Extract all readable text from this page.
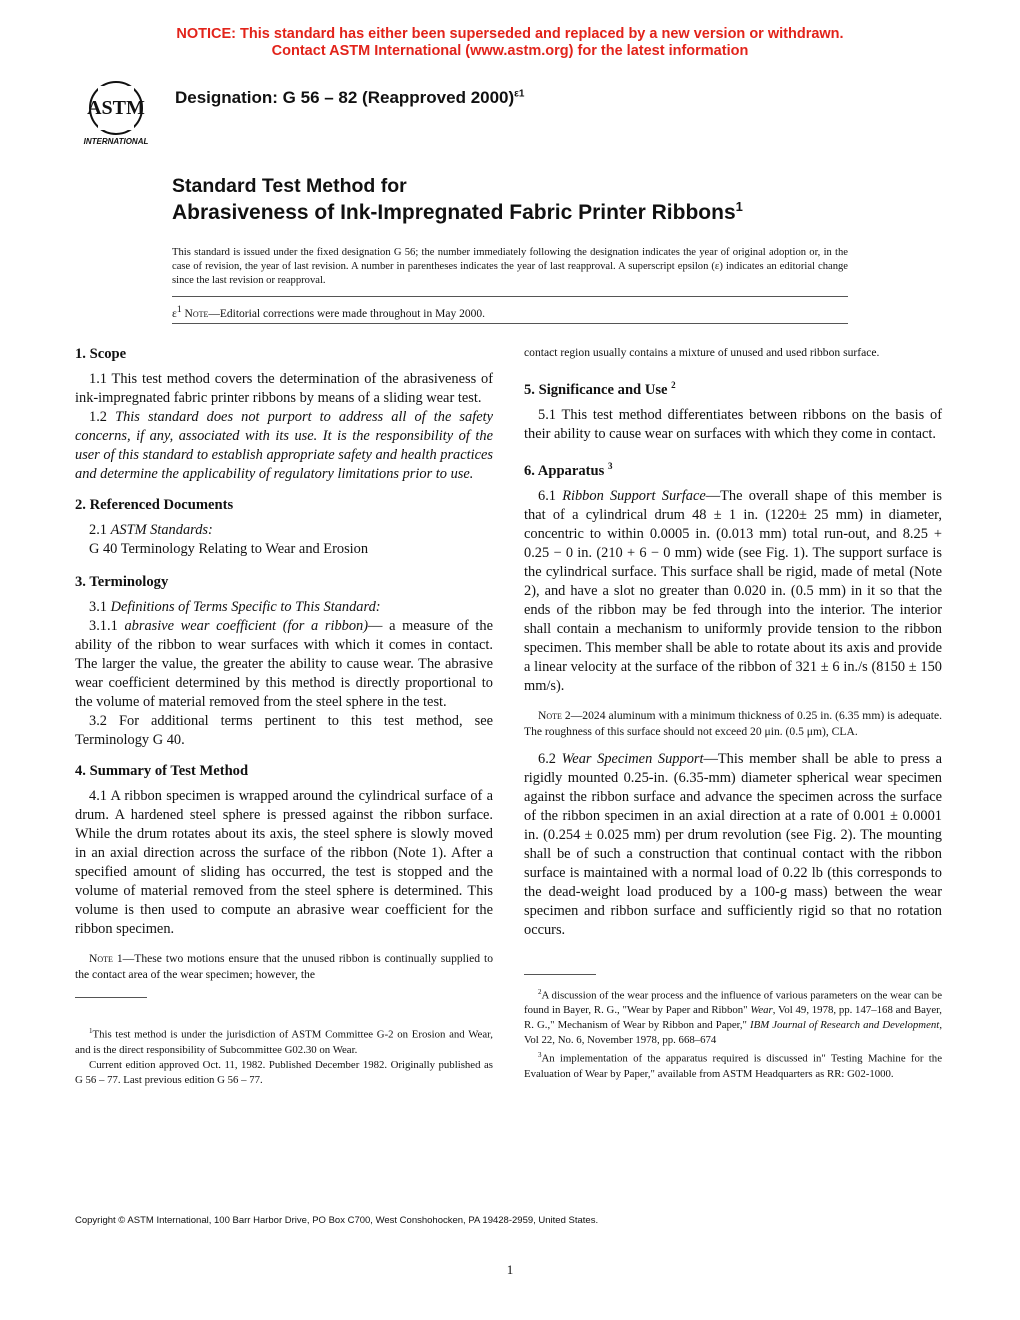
NOTICE: This standard has either been superseded and replaced by a new version or withdrawn.
Contact ASTM International (www.astm.org) for the latest information
ASTM
INTERNATIONAL
Designation: G 56 – 82 (Reapproved 2000)$^{\varepsilon 1}$
Standard Test Method for
Abrasiveness of Ink-Impregnated Fabric Printer Ribbons$^1$
This standard is issued under the fixed designation G 56; the number immediately following the designation indicates the year of original adoption or, in the case of revision, the year of last revision. A number in parentheses indicates the year of last reapproval. A superscript epsilon (ε) indicates an editorial change since the last revision or reapproval.
$\varepsilon^1$ Note—Editorial corrections were made throughout in May 2000.
1. Scope

1.1 This test method covers the determination of the abrasiveness of ink-impregnated fabric printer ribbons by means of a sliding wear test.

1.2 This standard does not purport to address all of the safety concerns, if any, associated with its use. It is the responsibility of the user of this standard to establish appropriate safety and health practices and determine the applicability of regulatory limitations prior to use.

2. Referenced Documents

2.1 ASTM Standards:

G 40 Terminology Relating to Wear and Erosion

3. Terminology

3.1 Definitions of Terms Specific to This Standard:

3.1.1 abrasive wear coefficient (for a ribbon)— a measure of the ability of the ribbon to wear surfaces with which it comes in contact. The larger the value, the greater the ability to cause wear. The abrasive wear coefficient determined by this method is directly proportional to the volume of material removed from the steel sphere in the test.

3.2 For additional terms pertinent to this test method, see Terminology G 40.

4. Summary of Test Method

4.1 A ribbon specimen is wrapped around the cylindrical surface of a drum. A hardened steel sphere is pressed against the ribbon surface. While the drum rotates about its axis, the steel sphere is slowly moved in an axial direction across the surface of the ribbon (Note 1). After a specified amount of sliding has occurred, the test is stopped and the volume of material removed from the steel sphere is determined. This volume is then used to compute an abrasive wear coefficient for the ribbon specimen.

Note 1—These two motions ensure that the unused ribbon is continually supplied to the contact area of the wear specimen; however, the

$^1$This test method is under the jurisdiction of ASTM Committee G-2 on Erosion and Wear, and is the direct responsibility of Subcommittee G02.30 on Wear.

Current edition approved Oct. 11, 1982. Published December 1982. Originally published as G 56 – 77. Last previous edition G 56 – 77.

contact region usually contains a mixture of unused and used ribbon surface.

5. Significance and Use $^2$

5.1 This test method differentiates between ribbons on the basis of their ability to cause wear on surfaces with which they come in contact.

6. Apparatus $^3$

6.1 Ribbon Support Surface—The overall shape of this member is that of a cylindrical drum 48 ± 1 in. (1220± 25 mm) in diameter, concentric to within 0.0005 in. (0.013 mm) total run-out, and 8.25 + 0.25 − 0 in. (210 + 6 − 0 mm) wide (see Fig. 1). The support surface is the cylindrical surface. This surface shall be rigid, made of metal (Note 2), and have a slot no greater than 0.020 in. (0.5 mm) in it so that the ends of the ribbon may be fed through into the interior. The interior shall contain a mechanism to uniformly provide tension to the ribbon specimen. This member shall be able to rotate about its axis and provide a linear velocity at the surface of the ribbon of 321 ± 6 in./s (8150 ± 150 mm/s).

Note 2—2024 aluminum with a minimum thickness of 0.25 in. (6.35 mm) is adequate. The roughness of this surface should not exceed 20 μin. (0.5 μm), CLA.

6.2 Wear Specimen Support—This member shall be able to press a rigidly mounted 0.25-in. (6.35-mm) diameter spherical wear specimen against the ribbon surface and advance the specimen across the surface of the ribbon specimen in an axial direction at a rate of 0.001 ± 0.0001 in. (0.254 ± 0.025 mm) per drum revolution (see Fig. 2). The mounting shall be of such a construction that continual contact with the ribbon surface is maintained with a normal load of 0.22 lb (this corresponds to the dead-weight load produced by a 100-g mass) between the wear specimen and ribbon surface and sufficiently rigid so that no rotation occurs.

$^2$A discussion of the wear process and the influence of various parameters on the wear can be found in Bayer, R. G., "Wear by Paper and Ribbon" Wear, Vol 49, 1978, pp. 147–168 and Bayer, R. G.," Mechanism of Wear by Ribbon and Paper," IBM Journal of Research and Development, Vol 22, No. 6, November 1978, pp. 668–674

$^3$An implementation of the apparatus required is discussed in" Testing Machine for the Evaluation of Wear by Paper," available from ASTM Headquarters as RR: G02-1000.

Copyright © ASTM International, 100 Barr Harbor Drive, PO Box C700, West Conshohocken, PA 19428-2959, United States.
1
